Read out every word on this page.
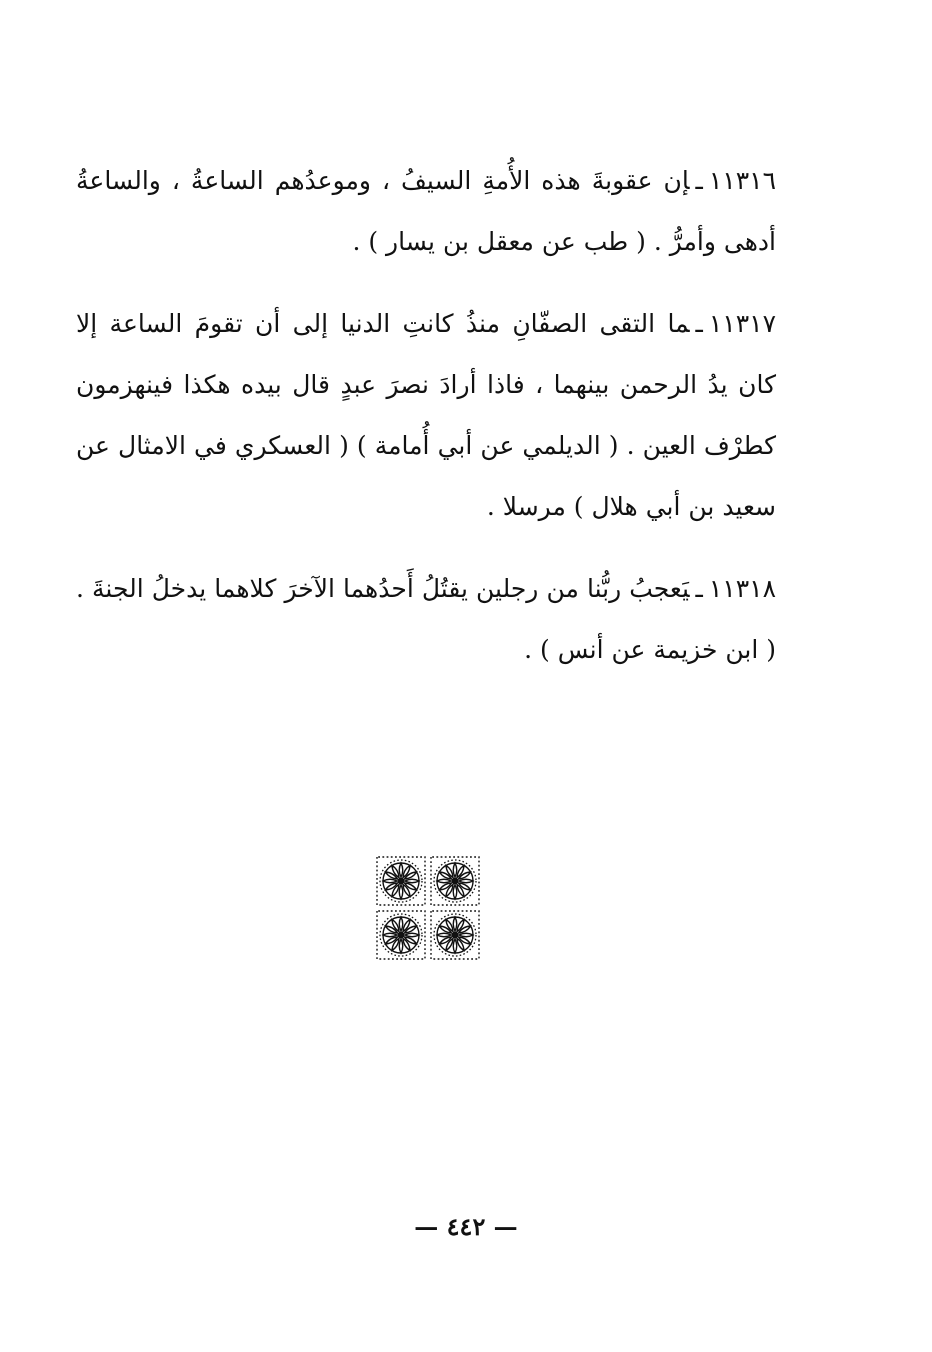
١١٣١٦ـإن عقوبةَ هذه الأُمةِ السيفُ ، وموعدُهم الساعةُ ، والساعةُ أدهى وأمرُّ . ( طب عن معقل بن يسار ) .

١١٣١٧ـما التقى الصفّانِ منذُ كانتِ الدنيا إلى أن تقومَ الساعة إلا كان يدُ الرحمن بينهما ، فاذا أرادَ نصرَ عبدٍ قال بيده هكذا فينهزمون كطرْف العين . ( الديلمي عن أبي أُمامة ) ( العسكري في الامثال عن سعيد بن أبي هلال ) مرسلا .

١١٣١٨ـيَعجبُ ربُّنا من رجلين يقتُلُ أَحدُهما الآخرَ كلاهما يدخلُ الجنةَ . ( ابن خزيمة عن أنس ) .

— ٤٤٢ —
